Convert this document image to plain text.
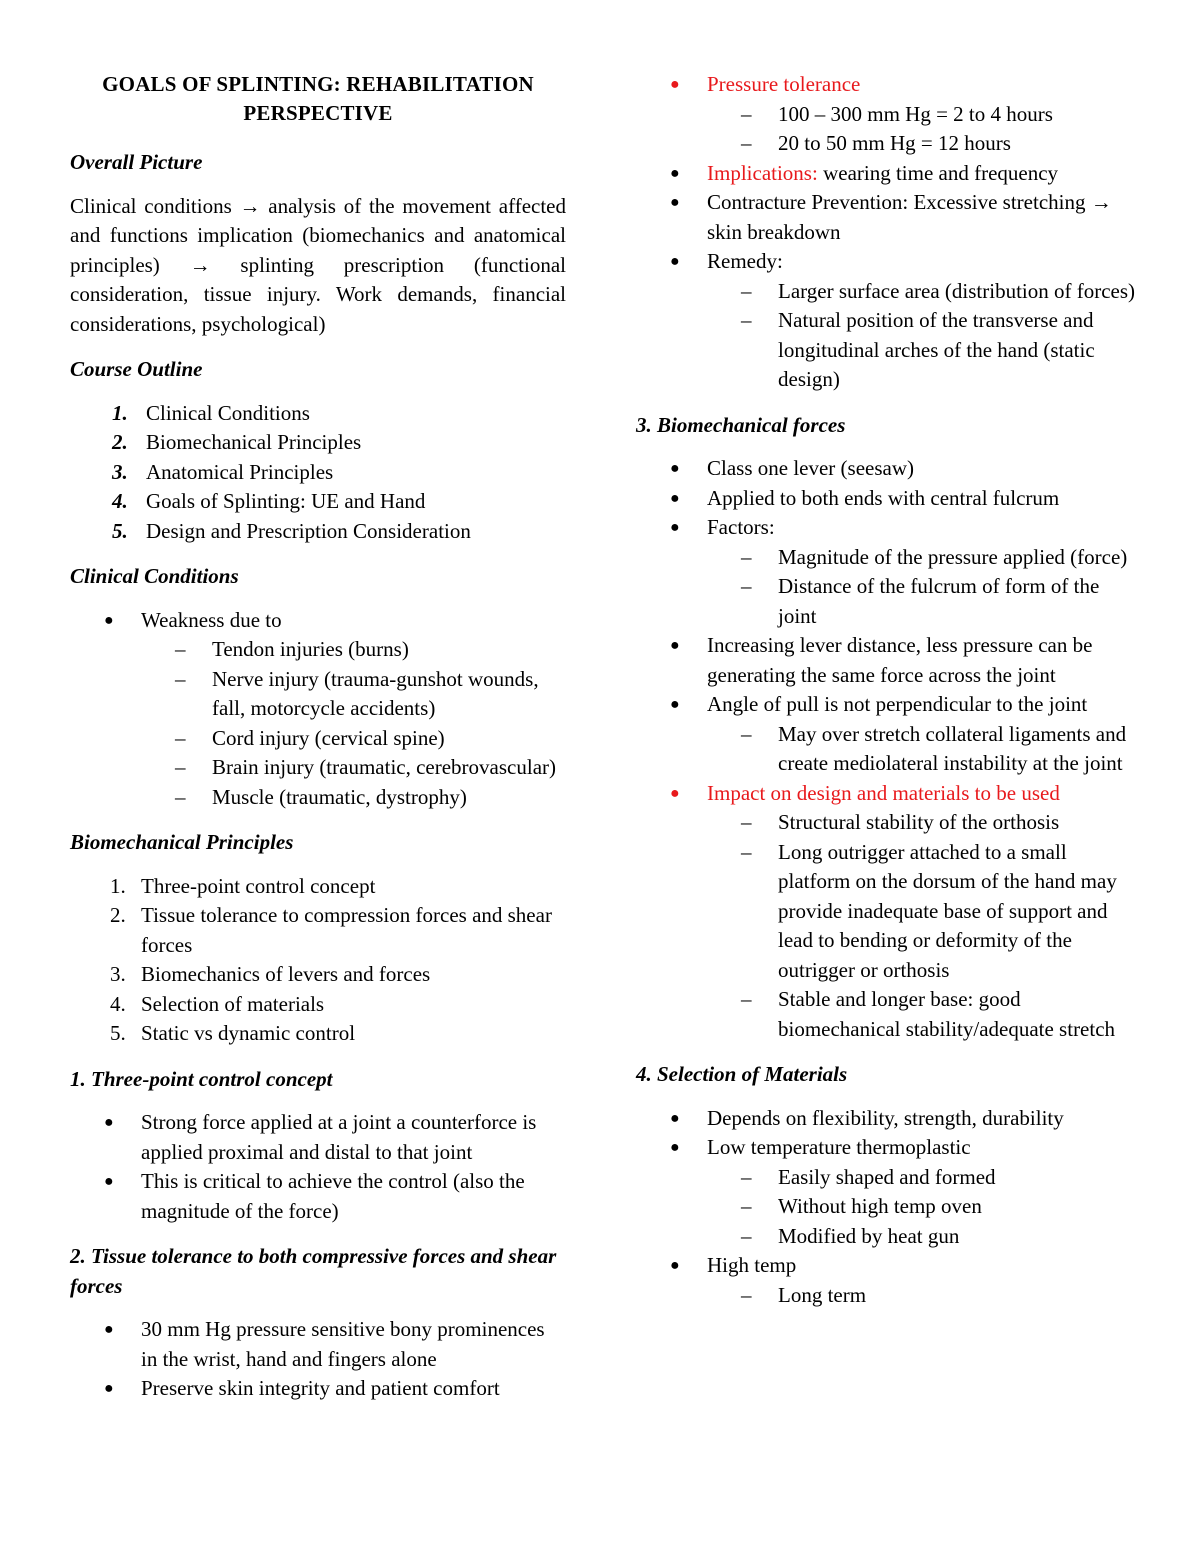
GOALS OF SPLINTING: REHABILITATION
PERSPECTIVE
Overall Picture
Clinical conditions → analysis of the movement affected and functions implication (biomechanics and anatomical principles) → splinting prescription (functional consideration, tissue injury. Work demands, financial considerations, psychological)
Course Outline
1. Clinical Conditions
2. Biomechanical Principles
3. Anatomical Principles
4. Goals of Splinting: UE and Hand
5. Design and Prescription Consideration
Clinical Conditions
● Weakness due to
– Tendon injuries (burns)
– Nerve injury (trauma-gunshot wounds, fall, motorcycle accidents)
– Cord injury (cervical spine)
– Brain injury (traumatic, cerebrovascular)
– Muscle (traumatic, dystrophy)
Biomechanical Principles
1. Three-point control concept
2. Tissue tolerance to compression forces and shear forces
3. Biomechanics of levers and forces
4. Selection of materials
5. Static vs dynamic control
1. Three-point control concept
● Strong force applied at a joint a counterforce is applied proximal and distal to that joint
● This is critical to achieve the control (also the magnitude of the force)
2. Tissue tolerance to both compressive forces and shear forces
● 30 mm Hg pressure sensitive bony prominences in the wrist, hand and fingers alone
● Preserve skin integrity and patient comfort
● Pressure tolerance
– 100 – 300 mm Hg = 2 to 4 hours
– 20 to 50 mm Hg = 12 hours
● Implications: wearing time and frequency
● Contracture Prevention: Excessive stretching → skin breakdown
● Remedy:
– Larger surface area (distribution of forces)
– Natural position of the transverse and longitudinal arches of the hand (static design)
3. Biomechanical forces
● Class one lever (seesaw)
● Applied to both ends with central fulcrum
● Factors:
– Magnitude of the pressure applied (force)
– Distance of the fulcrum of form of the joint
● Increasing lever distance, less pressure can be generating the same force across the joint
● Angle of pull is not perpendicular to the joint
– May over stretch collateral ligaments and create mediolateral instability at the joint
● Impact on design and materials to be used
– Structural stability of the orthosis
– Long outrigger attached to a small platform on the dorsum of the hand may provide inadequate base of support and lead to bending or deformity of the outrigger or orthosis
– Stable and longer base: good biomechanical stability/adequate stretch
4. Selection of Materials
● Depends on flexibility, strength, durability
● Low temperature thermoplastic
– Easily shaped and formed
– Without high temp oven
– Modified by heat gun
● High temp
– Long term
